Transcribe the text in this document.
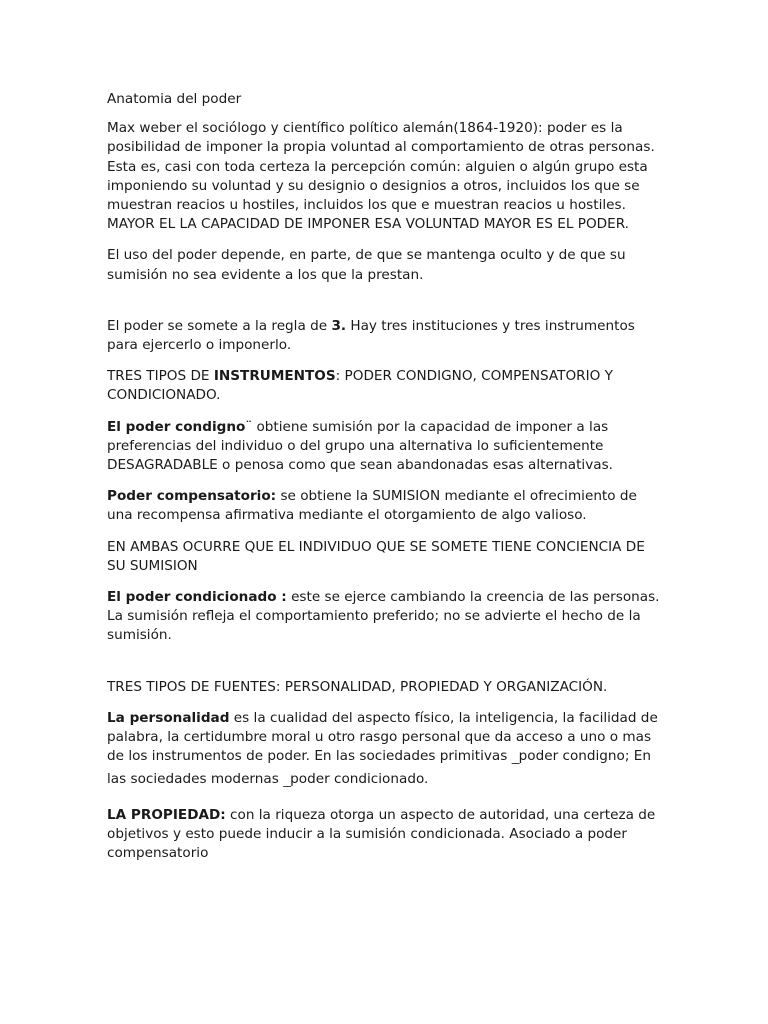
Anatomia del poder

Max weber el sociólogo y científico político alemán(1864-1920): poder es la posibilidad de imponer la propia voluntad al comportamiento de otras personas. Esta es, casi con toda certeza la percepción común: alguien o algún grupo esta imponiendo su voluntad y su designio o designios a otros, incluidos los que se muestran reacios u hostiles, incluidos los que e muestran reacios u hostiles. MAYOR EL LA CAPACIDAD DE IMPONER ESA VOLUNTAD MAYOR ES EL PODER.

El uso del poder depende, en parte, de que se mantenga oculto y de que su sumisión no sea evidente a los que la prestan.

El poder se somete a la regla de 3. Hay tres instituciones y tres instrumentos para ejercerlo o imponerlo.

TRES TIPOS DE INSTRUMENTOS: PODER CONDIGNO, COMPENSATORIO Y CONDICIONADO.

El poder condigno¨ obtiene sumisión por la capacidad de imponer a las preferencias del individuo o del grupo una alternativa lo suficientemente DESAGRADABLE o penosa como que sean abandonadas esas alternativas.

Poder compensatorio: se obtiene la SUMISION mediante el ofrecimiento de una recompensa afirmativa mediante el otorgamiento de algo valioso.

EN AMBAS OCURRE QUE EL INDIVIDUO QUE SE SOMETE TIENE CONCIENCIA DE SU SUMISION

El poder condicionado : este se ejerce cambiando la creencia de las personas. La sumisión refleja el comportamiento preferido; no se advierte el hecho de la sumisión.

TRES TIPOS DE FUENTES: PERSONALIDAD, PROPIEDAD Y ORGANIZACIÓN.

La personalidad es la cualidad del aspecto físico, la inteligencia, la facilidad de palabra, la certidumbre moral u otro rasgo personal que da acceso a uno o mas de los instrumentos de poder. En las sociedades primitivas __poder condigno; En las sociedades modernas __poder condicionado.

LA PROPIEDAD: con la riqueza otorga un aspecto de autoridad, una certeza de objetivos y esto puede inducir a la sumisión condicionada. Asociado a poder compensatorio
